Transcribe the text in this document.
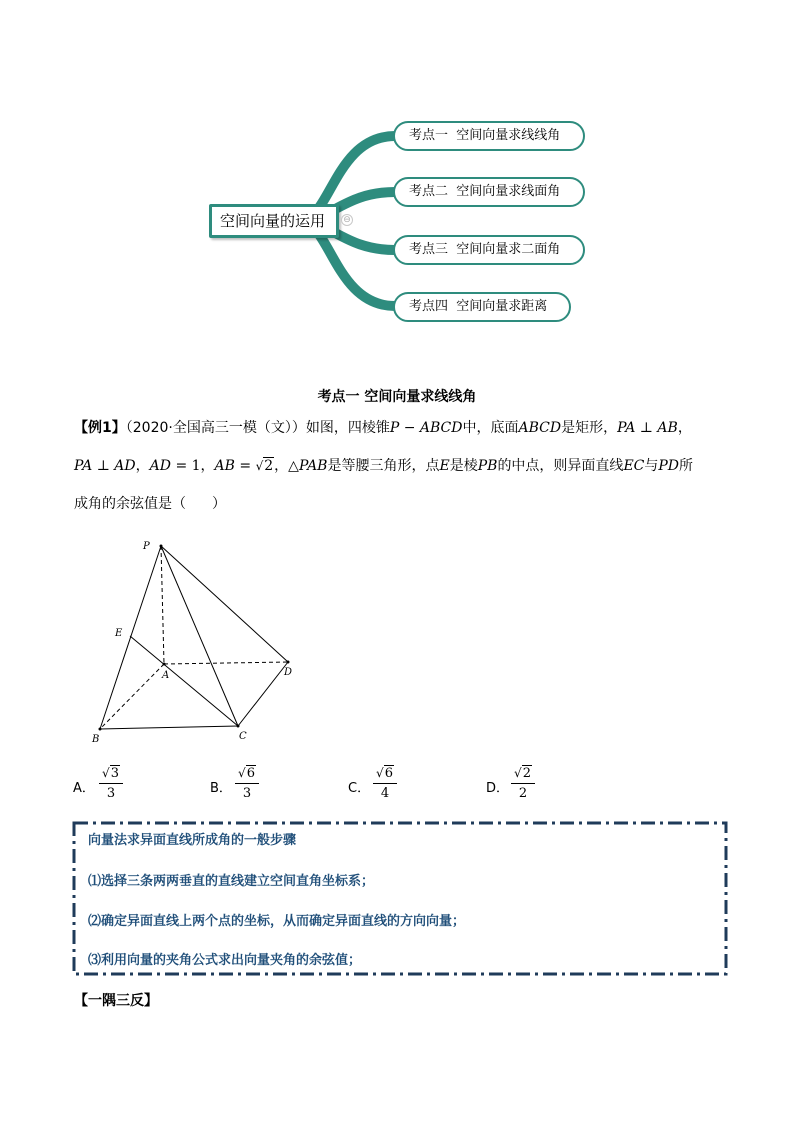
空间向量的运用	⊖
考点一  空间向量求线线角
考点二  空间向量求线面角
考点三  空间向量求二面角
考点四  空间向量求距离
考点一 空间向量求线线角
【例1】（2020·全国高三一模（文））如图，四棱锥P − ABCD中，底面ABCD是矩形，PA ⊥ AB，
PA ⊥ AD，AD = 1，AB = √2，△PAB是等腰三角形，点E是棱PB的中点，则异面直线EC与PD所
成角的余弦值是（ ）
P
E
A	D
C
B
A．
√3
3	B．
√6
3	C．
√6
4	D．
√2
2
向量法求异面直线所成角的一般步骤
⑴选择三条两两垂直的直线建立空间直角坐标系；
⑵确定异面直线上两个点的坐标，从而确定异面直线的方向向量；
⑶利用向量的夹角公式求出向量夹角的余弦值；
【一隅三反】
